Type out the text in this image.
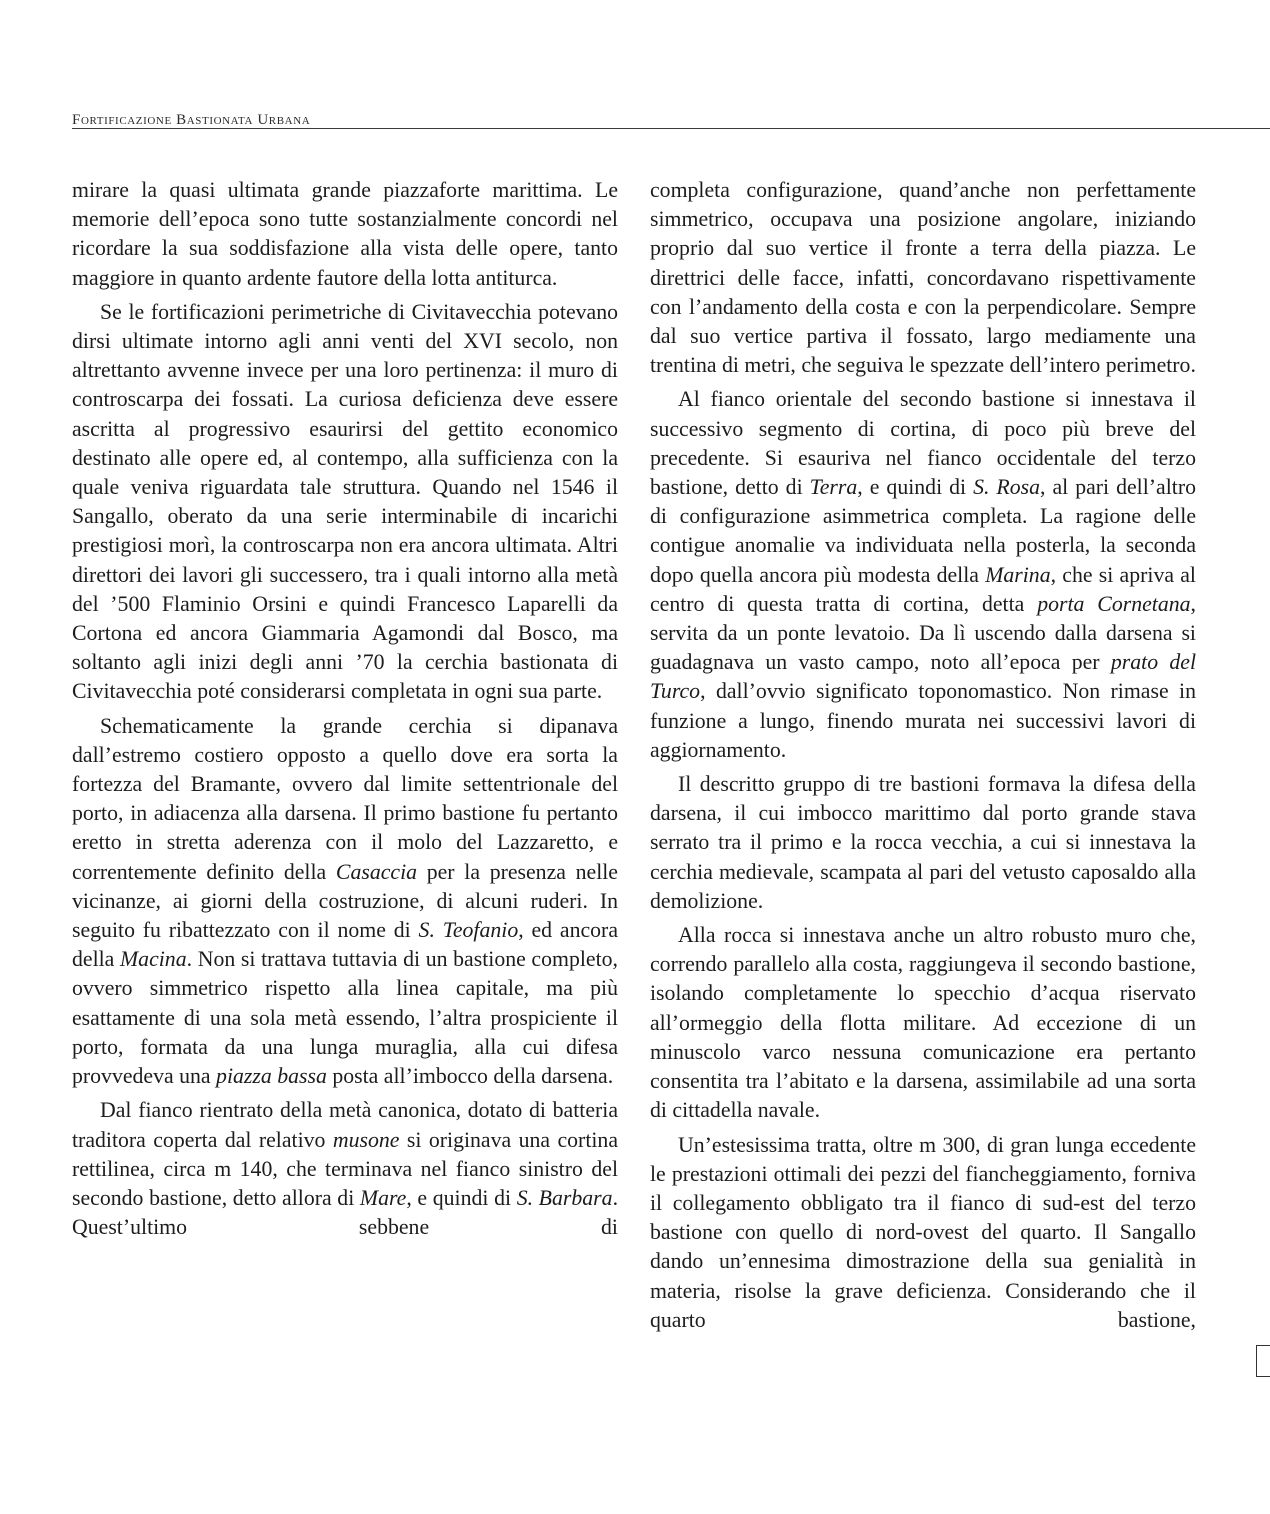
Fortificazione Bastionata Urbana

mirare la quasi ultimata grande piazzaforte marittima. Le memorie dell’epoca sono tutte sostanzialmente concordi nel ricordare la sua soddisfazione alla vista delle opere, tanto maggiore in quanto ardente fautore della lotta antiturca.

Se le fortificazioni perimetriche di Civitavecchia potevano dirsi ultimate intorno agli anni venti del XVI secolo, non altrettanto avvenne invece per una loro pertinenza: il muro di controscarpa dei fossati. La curiosa deficienza deve essere ascritta al progressivo esaurirsi del gettito economico destinato alle opere ed, al contempo, alla sufficienza con la quale veniva riguardata tale struttura. Quando nel 1546 il Sangallo, oberato da una serie interminabile di incarichi prestigiosi morì, la controscarpa non era ancora ultimata. Altri direttori dei lavori gli successero, tra i quali intorno alla metà del ’500 Flaminio Orsini e quindi Francesco Laparelli da Cortona ed ancora Giammaria Agamondi dal Bosco, ma soltanto agli inizi degli anni ’70 la cerchia bastionata di Civitavecchia poté considerarsi completata in ogni sua parte.

Schematicamente la grande cerchia si dipanava dall’estremo costiero opposto a quello dove era sorta la fortezza del Bramante, ovvero dal limite settentrionale del porto, in adiacenza alla darsena. Il primo bastione fu pertanto eretto in stretta aderenza con il molo del Lazzaretto, e correntemente definito della Casaccia per la presenza nelle vicinanze, ai giorni della costruzione, di alcuni ruderi. In seguito fu ribattezzato con il nome di S. Teofanio, ed ancora della Macina. Non si trattava tuttavia di un bastione completo, ovvero simmetrico rispetto alla linea capitale, ma più esattamente di una sola metà essendo, l’altra prospiciente il porto, formata da una lunga muraglia, alla cui difesa provvedeva una piazza bassa posta all’imbocco della darsena.

Dal fianco rientrato della metà canonica, dotato di batteria traditora coperta dal relativo musone si originava una cortina rettilinea, circa m 140, che terminava nel fianco sinistro del secondo bastione, detto allora di Mare, e quindi di S. Barbara. Quest’ultimo sebbene di

completa configurazione, quand’anche non perfettamente simmetrico, occupava una posizione angolare, iniziando proprio dal suo vertice il fronte a terra della piazza. Le direttrici delle facce, infatti, concordavano rispettivamente con l’andamento della costa e con la perpendicolare. Sempre dal suo vertice partiva il fossato, largo mediamente una trentina di metri, che seguiva le spezzate dell’intero perimetro.

Al fianco orientale del secondo bastione si innestava il successivo segmento di cortina, di poco più breve del precedente. Si esauriva nel fianco occidentale del terzo bastione, detto di Terra, e quindi di S. Rosa, al pari dell’altro di configurazione asimmetrica completa. La ragione delle contigue anomalie va individuata nella posterla, la seconda dopo quella ancora più modesta della Marina, che si apriva al centro di questa tratta di cortina, detta porta Cornetana, servita da un ponte levatoio. Da lì uscendo dalla darsena si guadagnava un vasto campo, noto all’epoca per prato del Turco, dall’ovvio significato toponomastico. Non rimase in funzione a lungo, finendo murata nei successivi lavori di aggiornamento.

Il descritto gruppo di tre bastioni formava la difesa della darsena, il cui imbocco marittimo dal porto grande stava serrato tra il primo e la rocca vecchia, a cui si innestava la cerchia medievale, scampata al pari del vetusto caposaldo alla demolizione.

Alla rocca si innestava anche un altro robusto muro che, correndo parallelo alla costa, raggiungeva il secondo bastione, isolando completamente lo specchio d’acqua riservato all’ormeggio della flotta militare. Ad eccezione di un minuscolo varco nessuna comunicazione era pertanto consentita tra l’abitato e la darsena, assimilabile ad una sorta di cittadella navale.

Un’estesissima tratta, oltre m 300, di gran lunga eccedente le prestazioni ottimali dei pezzi del fiancheggiamento, forniva il collegamento obbligato tra il fianco di sud-est del terzo bastione con quello di nord-ovest del quarto. Il Sangallo dando un’ennesima dimostrazione della sua genialità in materia, risolse la grave deficienza. Considerando che il quarto bastione,
